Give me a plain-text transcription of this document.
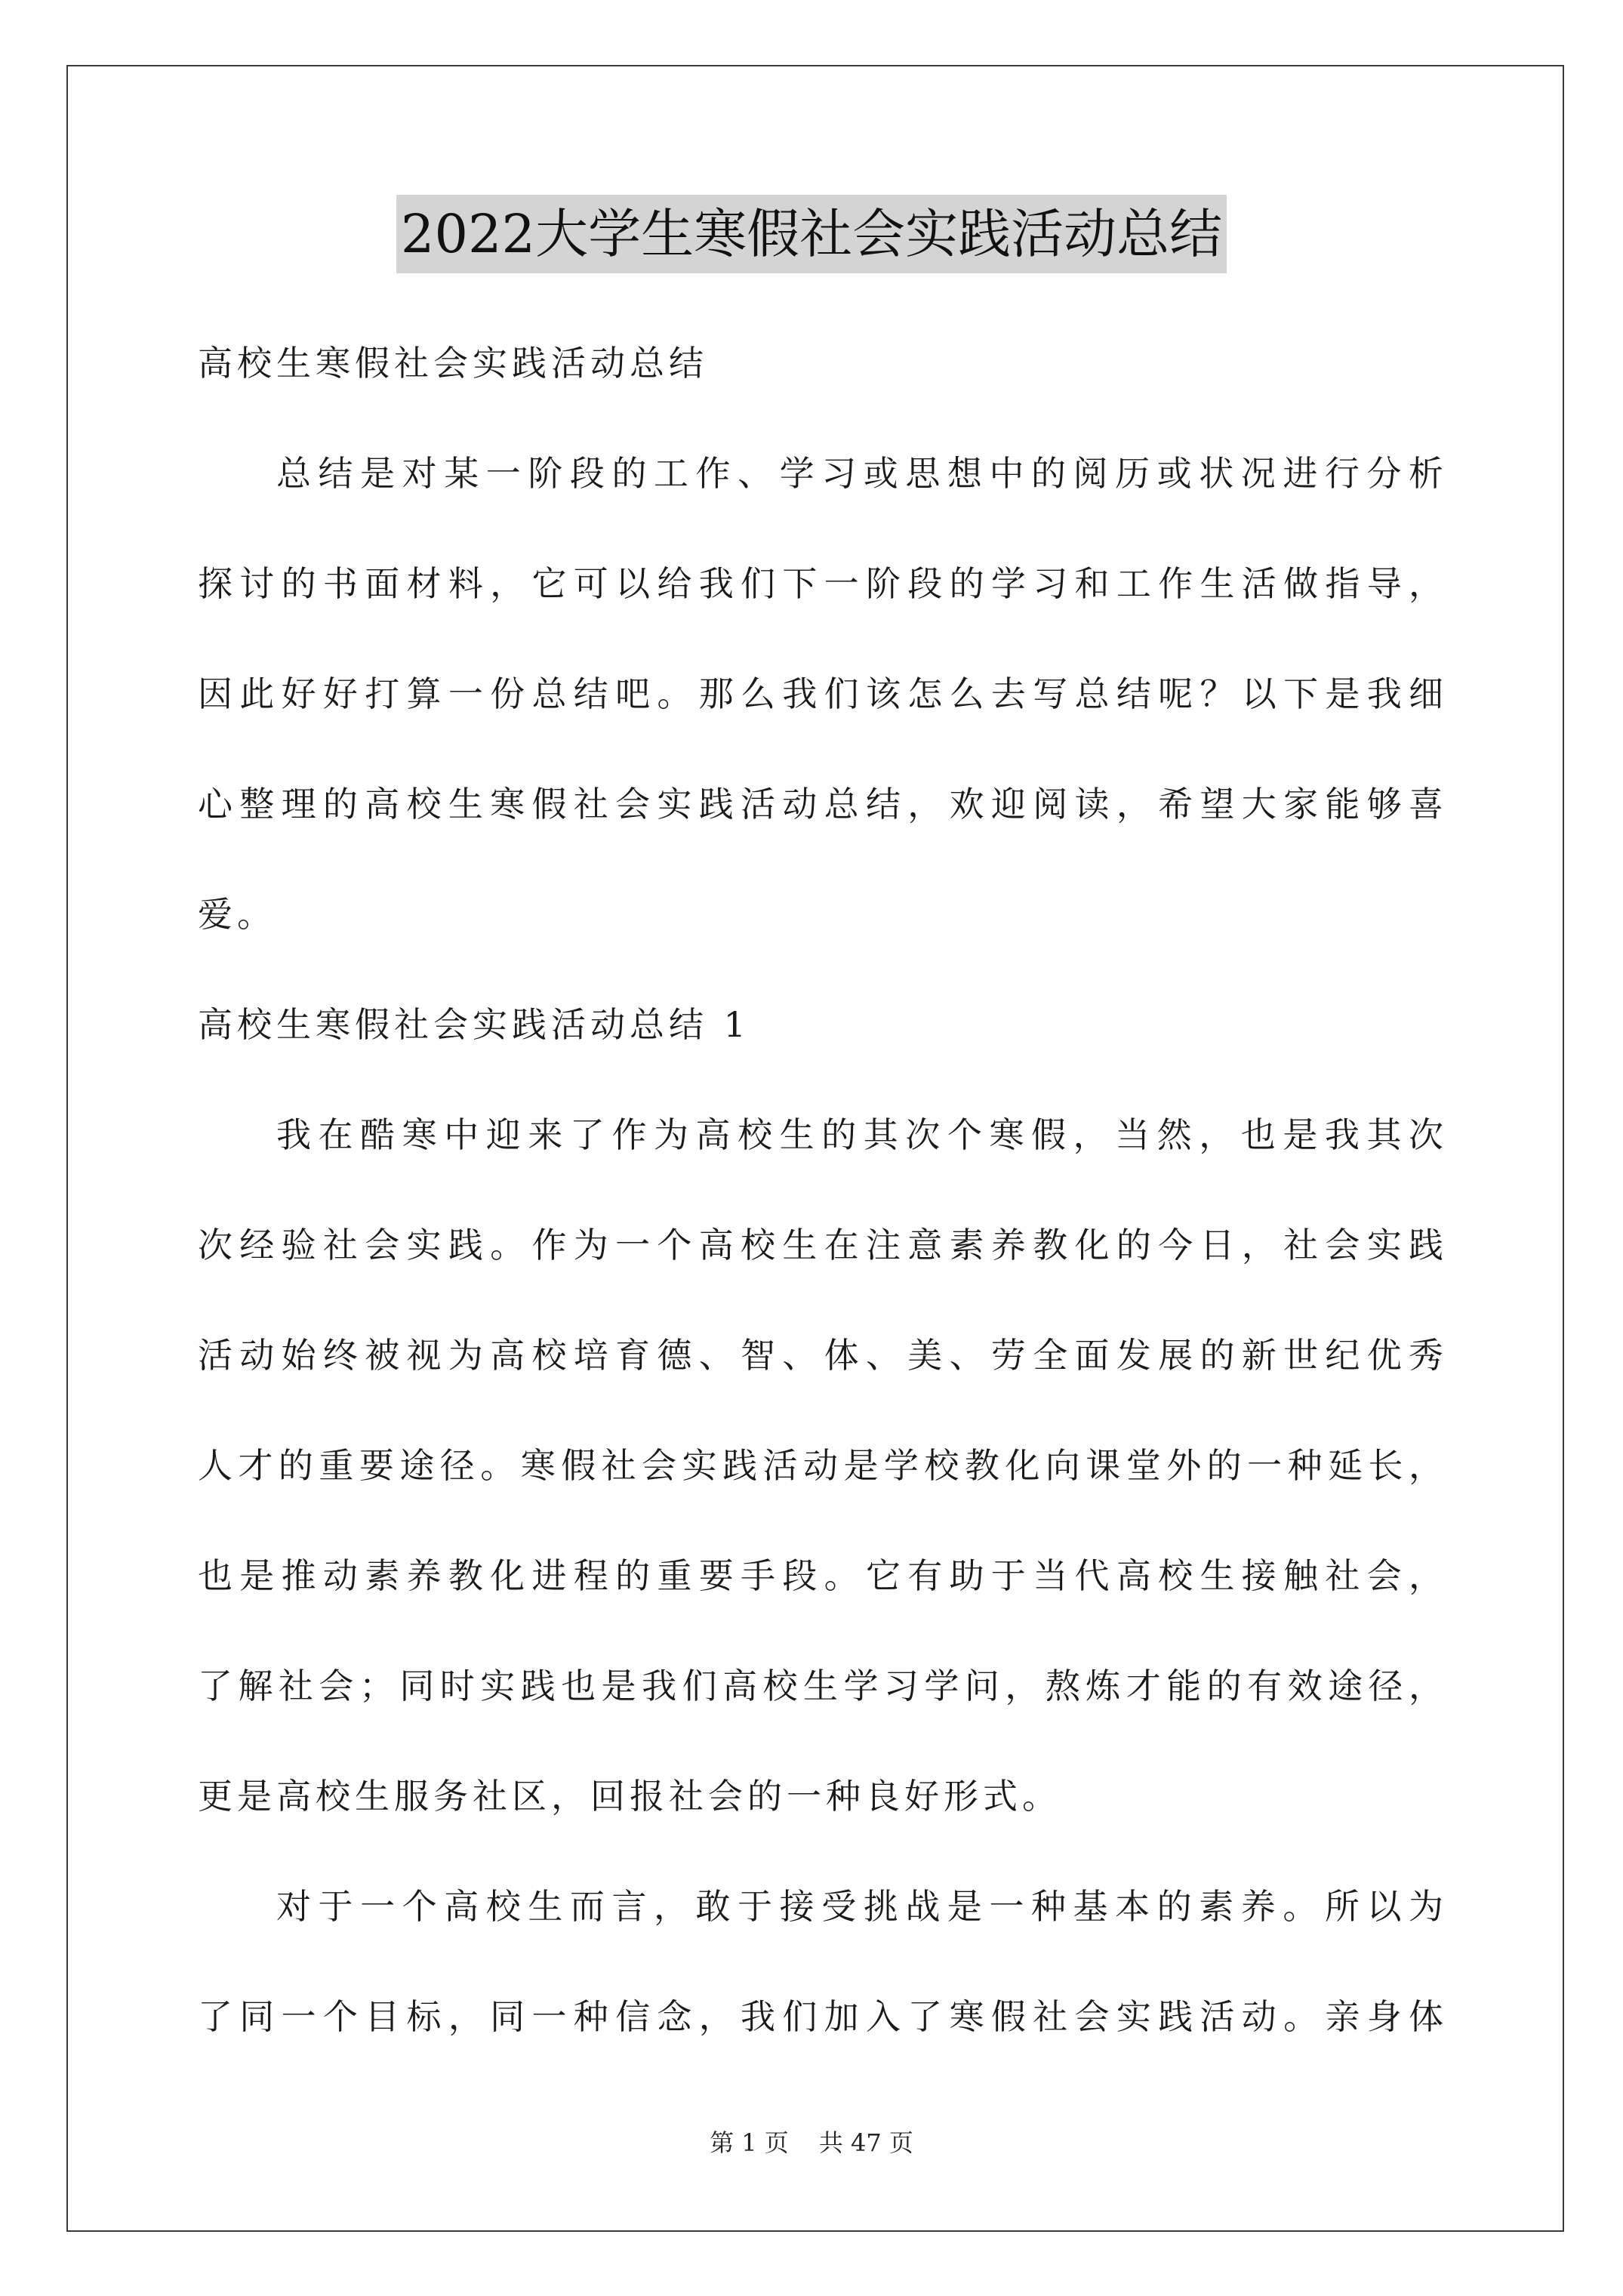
2022大学生寒假社会实践活动总结
高校生寒假社会实践活动总结
总结是对某一阶段的工作、学习或思想中的阅历或状况进行分析
探讨的书面材料，它可以给我们下一阶段的学习和工作生活做指导，
因此好好打算一份总结吧。那么我们该怎么去写总结呢？以下是我细
心整理的高校生寒假社会实践活动总结，欢迎阅读，希望大家能够喜
爱。
高校生寒假社会实践活动总结 1
我在酷寒中迎来了作为高校生的其次个寒假，当然，也是我其次
次经验社会实践。作为一个高校生在注意素养教化的今日，社会实践
活动始终被视为高校培育德、智、体、美、劳全面发展的新世纪优秀
人才的重要途径。寒假社会实践活动是学校教化向课堂外的一种延长，
也是推动素养教化进程的重要手段。它有助于当代高校生接触社会，
了解社会；同时实践也是我们高校生学习学问，熬炼才能的有效途径，
更是高校生服务社区，回报社会的一种良好形式。
对于一个高校生而言，敢于接受挑战是一种基本的素养。所以为
了同一个目标，同一种信念，我们加入了寒假社会实践活动。亲身体
第 1 页 共 47 页
